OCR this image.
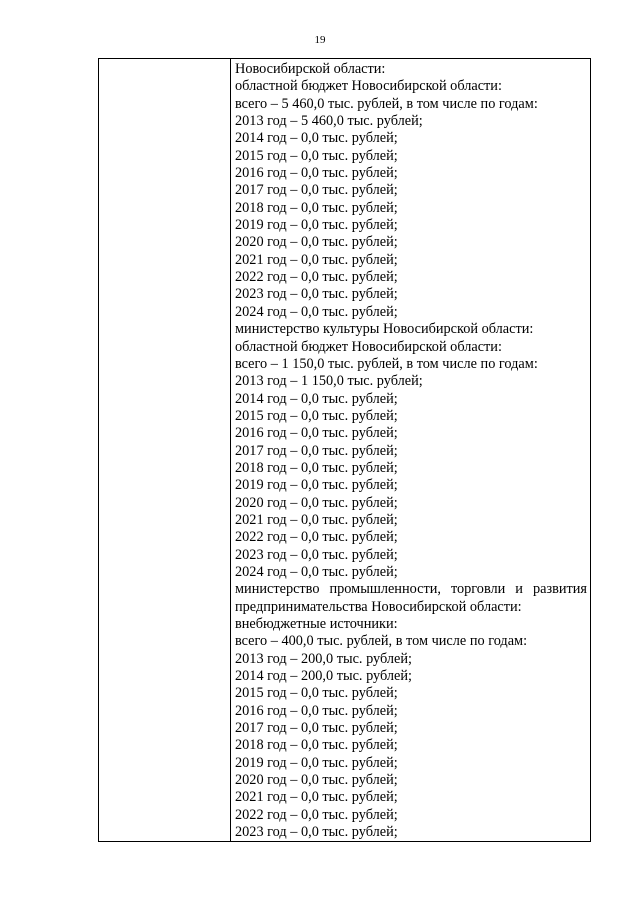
19
Новосибирской области:
областной бюджет Новосибирской области:
всего – 5 460,0 тыс. рублей, в том числе по годам:
2013 год – 5 460,0 тыс. рублей;
2014 год – 0,0 тыс. рублей;
2015 год – 0,0 тыс. рублей;
2016 год – 0,0 тыс. рублей;
2017 год – 0,0 тыс. рублей;
2018 год – 0,0 тыс. рублей;
2019 год – 0,0 тыс. рублей;
2020 год – 0,0 тыс. рублей;
2021 год – 0,0 тыс. рублей;
2022 год – 0,0 тыс. рублей;
2023 год – 0,0 тыс. рублей;
2024 год – 0,0 тыс. рублей;
министерство культуры Новосибирской области:
областной бюджет Новосибирской области:
всего – 1 150,0 тыс. рублей, в том числе по годам:
2013 год – 1 150,0 тыс. рублей;
2014 год – 0,0 тыс. рублей;
2015 год – 0,0 тыс. рублей;
2016 год – 0,0 тыс. рублей;
2017 год – 0,0 тыс. рублей;
2018 год – 0,0 тыс. рублей;
2019 год – 0,0 тыс. рублей;
2020 год – 0,0 тыс. рублей;
2021 год – 0,0 тыс. рублей;
2022 год – 0,0 тыс. рублей;
2023 год – 0,0 тыс. рублей;
2024 год – 0,0 тыс. рублей;
министерство промышленности, торговли и развития
предпринимательства Новосибирской области:
внебюджетные источники:
всего – 400,0 тыс. рублей, в том числе по годам:
2013 год – 200,0 тыс. рублей;
2014 год – 200,0 тыс. рублей;
2015 год – 0,0 тыс. рублей;
2016 год – 0,0 тыс. рублей;
2017 год – 0,0 тыс. рублей;
2018 год – 0,0 тыс. рублей;
2019 год – 0,0 тыс. рублей;
2020 год – 0,0 тыс. рублей;
2021 год – 0,0 тыс. рублей;
2022 год – 0,0 тыс. рублей;
2023 год – 0,0 тыс. рублей;
